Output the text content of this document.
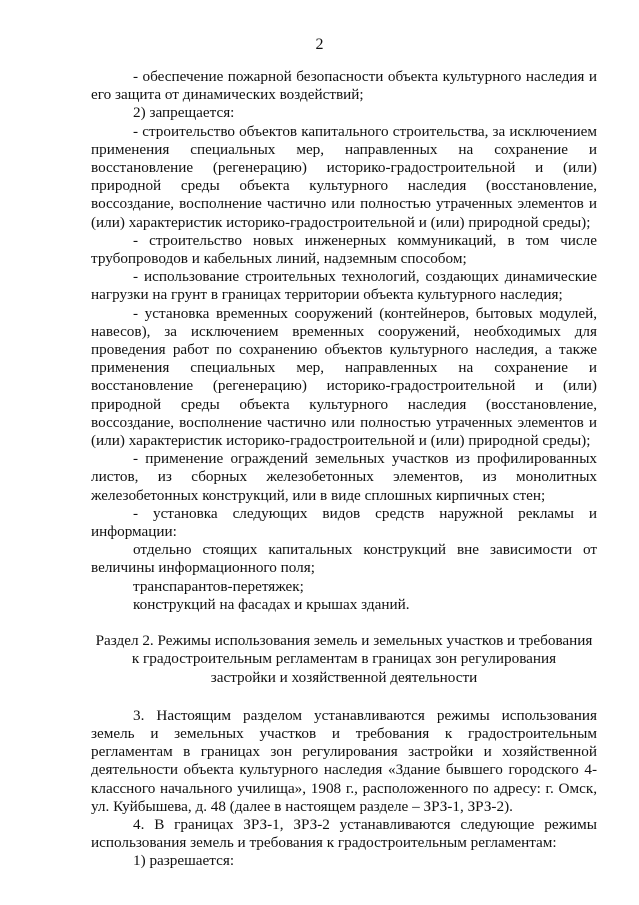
2

- обеспечение пожарной безопасности объекта культурного наследия и его защита от динамических воздействий;

2) запрещается:

- строительство объектов капитального строительства, за исключением применения специальных мер, направленных на сохранение и восстановление (регенерацию) историко-градостроительной и (или) природной среды объекта культурного наследия (восстановление, воссоздание, восполнение частично или полностью утраченных элементов и (или) характеристик историко-градостроительной и (или) природной среды);

- строительство новых инженерных коммуникаций, в том числе трубопроводов и кабельных линий, надземным способом;

- использование строительных технологий, создающих динамические нагрузки на грунт в границах территории объекта культурного наследия;

- установка временных сооружений (контейнеров, бытовых модулей, навесов), за исключением временных сооружений, необходимых для проведения работ по сохранению объектов культурного наследия, а также применения специальных мер, направленных на сохранение и восстановление (регенерацию) историко-градостроительной и (или) природной среды объекта культурного наследия (восстановление, воссоздание, восполнение частично или полностью утраченных элементов и (или) характеристик историко-градостроительной и (или) природной среды);

- применение ограждений земельных участков из профилированных листов, из сборных железобетонных элементов, из монолитных железобетонных конструкций, или в виде сплошных кирпичных стен;

- установка следующих видов средств наружной рекламы и информации:

отдельно стоящих капитальных конструкций вне зависимости от величины информационного поля;

транспарантов-перетяжек;

конструкций на фасадах и крышах зданий.

Раздел 2. Режимы использования земель и земельных участков и требования
к градостроительным регламентам в границах зон регулирования
застройки и хозяйственной деятельности

3. Настоящим разделом устанавливаются режимы использования земель и земельных участков и требования к градостроительным регламентам в границах зон регулирования застройки и хозяйственной деятельности объекта культурного наследия «Здание бывшего городского 4-классного начального училища», 1908 г., расположенного по адресу: г. Омск, ул. Куйбышева, д. 48 (далее в настоящем разделе – ЗРЗ-1, ЗРЗ-2).

4. В границах ЗРЗ-1, ЗРЗ-2 устанавливаются следующие режимы использования земель и требования к градостроительным регламентам:

1) разрешается:
